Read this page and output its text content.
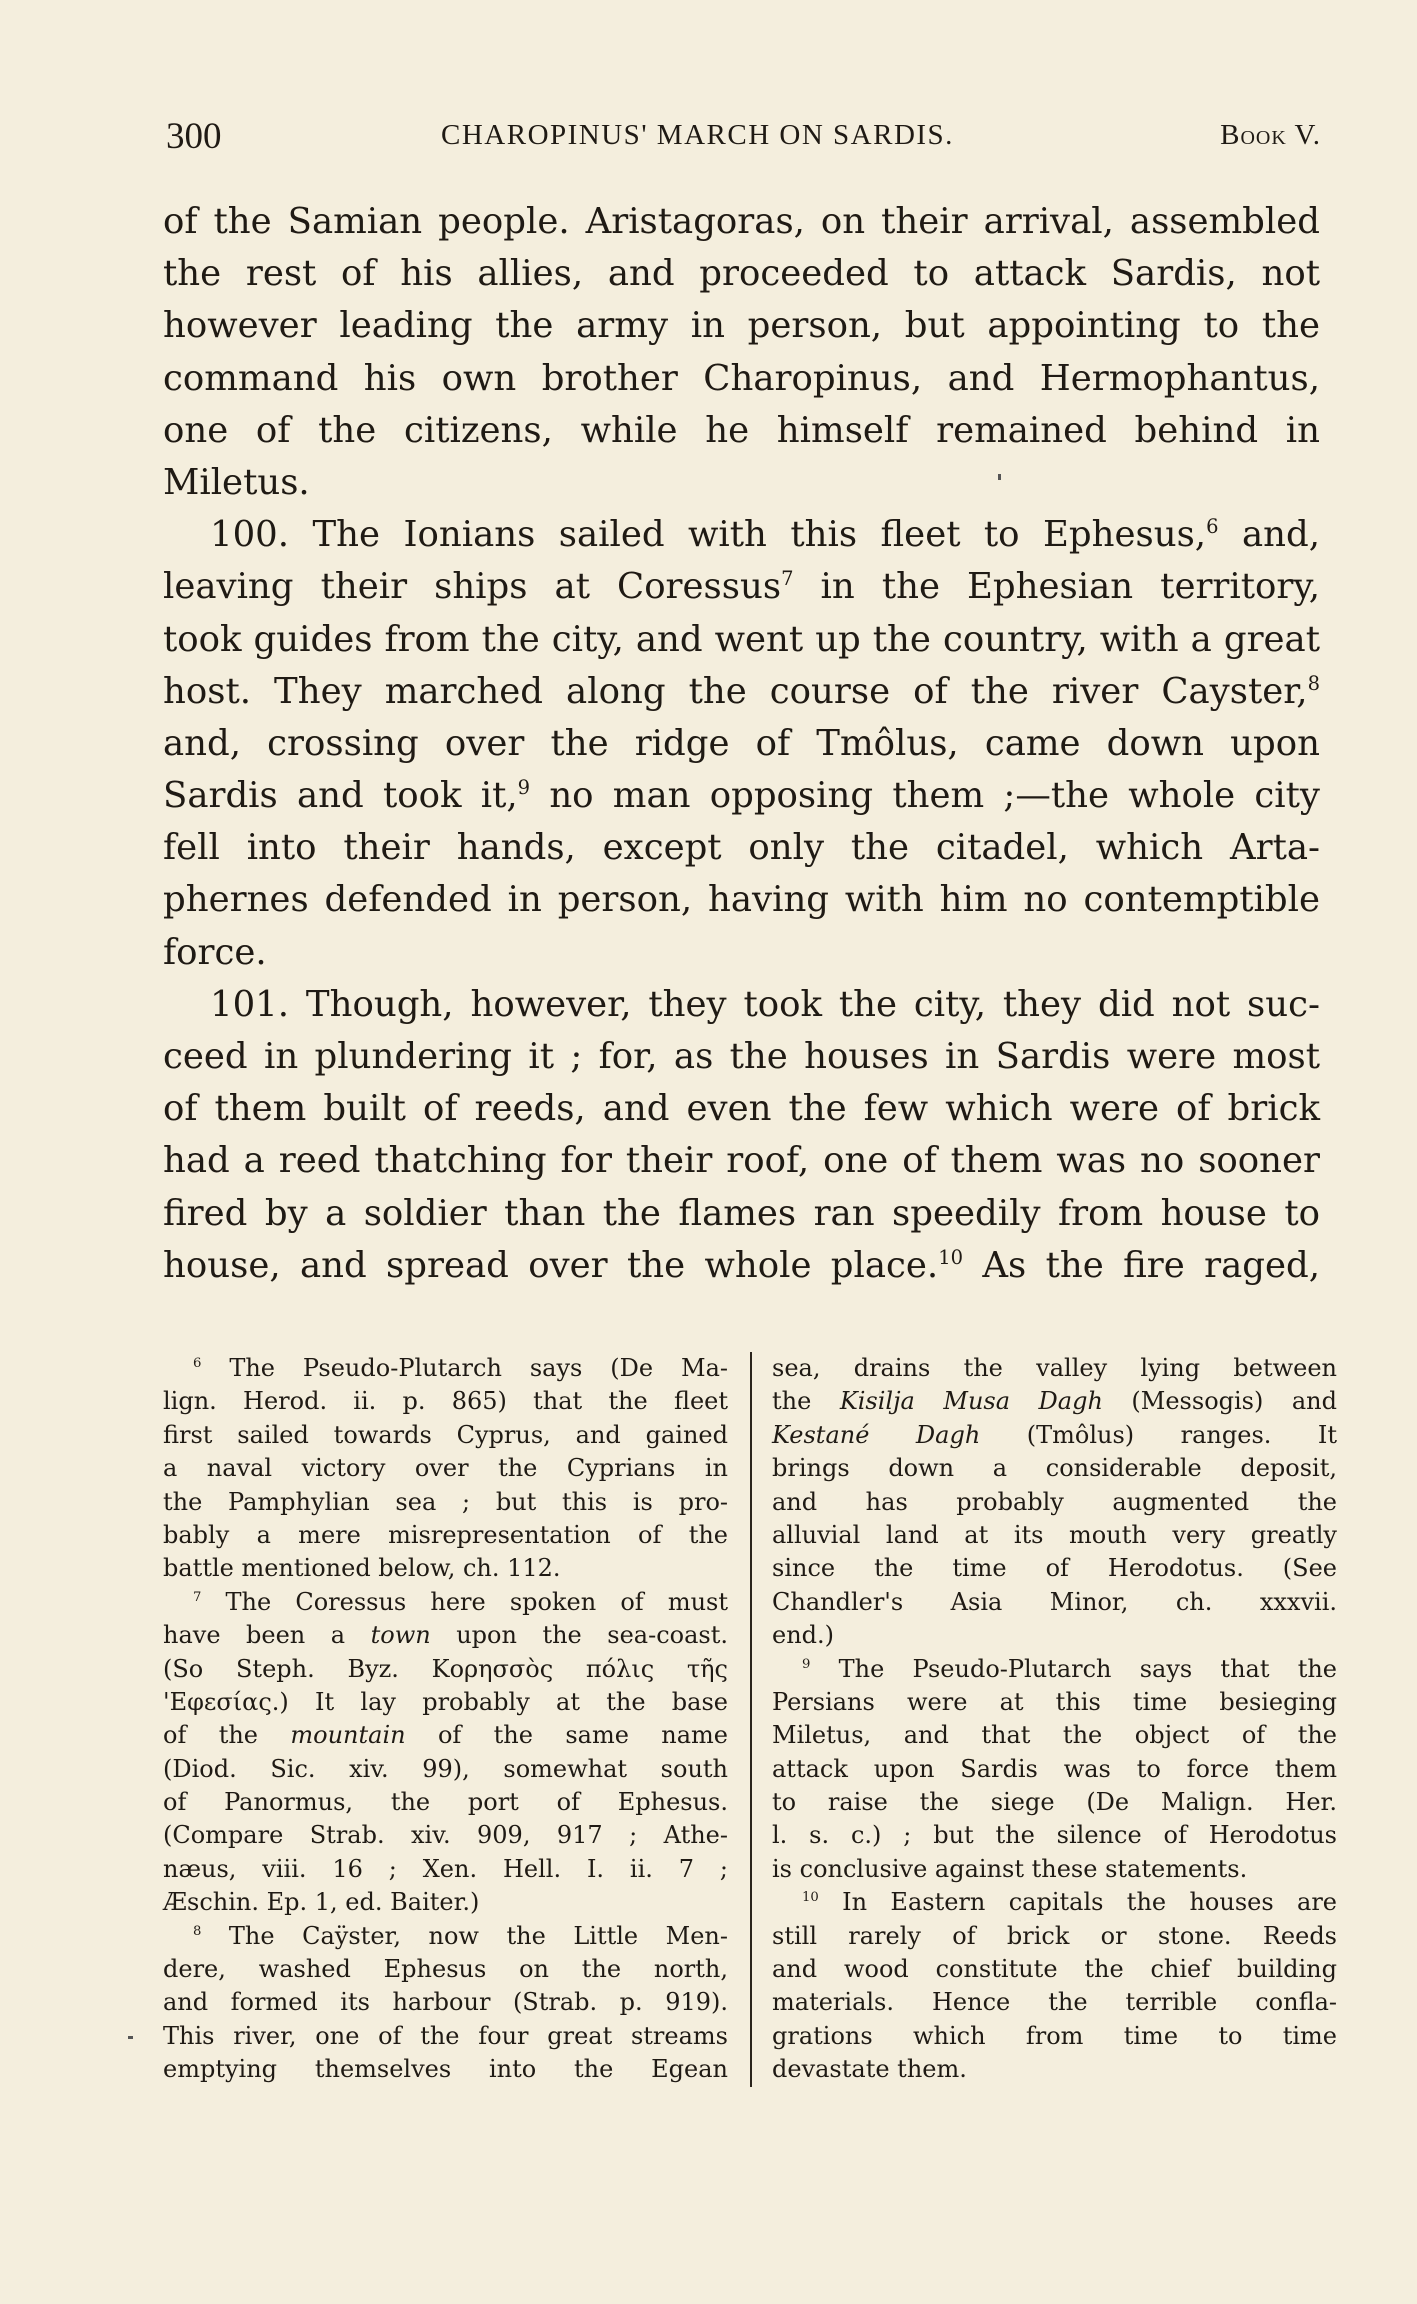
300	CHAROPINUS' MARCH ON SARDIS.	Book V.
of the Samian people. Aristagoras, on their arrival, assembled
the rest of his allies, and proceeded to attack Sardis, not
however leading the army in person, but appointing to the
command his own brother Charopinus, and Hermophantus,
one of the citizens, while he himself remained behind in
Miletus.
100. The Ionians sailed with this fleet to Ephesus,$^6$ and,
leaving their ships at Coressus$^7$ in the Ephesian territory,
took guides from the city, and went up the country, with a great
host. They marched along the course of the river Cayster,$^8$
and, crossing over the ridge of Tmôlus, came down upon
Sardis and took it,$^9$ no man opposing them ;—the whole city
fell into their hands, except only the citadel, which Arta-
phernes defended in person, having with him no contemptible
force.
101. Though, however, they took the city, they did not suc-
ceed in plundering it ; for, as the houses in Sardis were most
of them built of reeds, and even the few which were of brick
had a reed thatching for their roof, one of them was no sooner
fired by a soldier than the flames ran speedily from house to
house, and spread over the whole place.$^{10}$ As the fire raged,
$^6$ The Pseudo-Plutarch says (De Ma-
lign. Herod. ii. p. 865) that the fleet
first sailed towards Cyprus, and gained
a naval victory over the Cyprians in
the Pamphylian sea ; but this is pro-
bably a mere misrepresentation of the
battle mentioned below, ch. 112.
$^7$ The Coressus here spoken of must
have been a town upon the sea-coast.
(So Steph. Byz. Κορησσὸς πόλις τῆς
'Εφεσίας.) It lay probably at the base
of the mountain of the same name
(Diod. Sic. xiv. 99), somewhat south
of Panormus, the port of Ephesus.
(Compare Strab. xiv. 909, 917 ; Athe-
næus, viii. 16 ; Xen. Hell. I. ii. 7 ;
Æschin. Ep. 1, ed. Baiter.)
$^8$ The Caÿster, now the Little Men-
dere, washed Ephesus on the north,
and formed its harbour (Strab. p. 919).
This river, one of the four great streams
emptying themselves into the Egean
sea, drains the valley lying between
the Kisilja Musa Dagh (Messogis) and
Kestané Dagh (Tmôlus) ranges. It
brings down a considerable deposit,
and has probably augmented the
alluvial land at its mouth very greatly
since the time of Herodotus. (See
Chandler's Asia Minor, ch. xxxvii.
end.)
$^9$ The Pseudo-Plutarch says that the
Persians were at this time besieging
Miletus, and that the object of the
attack upon Sardis was to force them
to raise the siege (De Malign. Her.
l. s. c.) ; but the silence of Herodotus
is conclusive against these statements.
$^{10}$ In Eastern capitals the houses are
still rarely of brick or stone. Reeds
and wood constitute the chief building
materials. Hence the terrible confla-
grations which from time to time
devastate them.
